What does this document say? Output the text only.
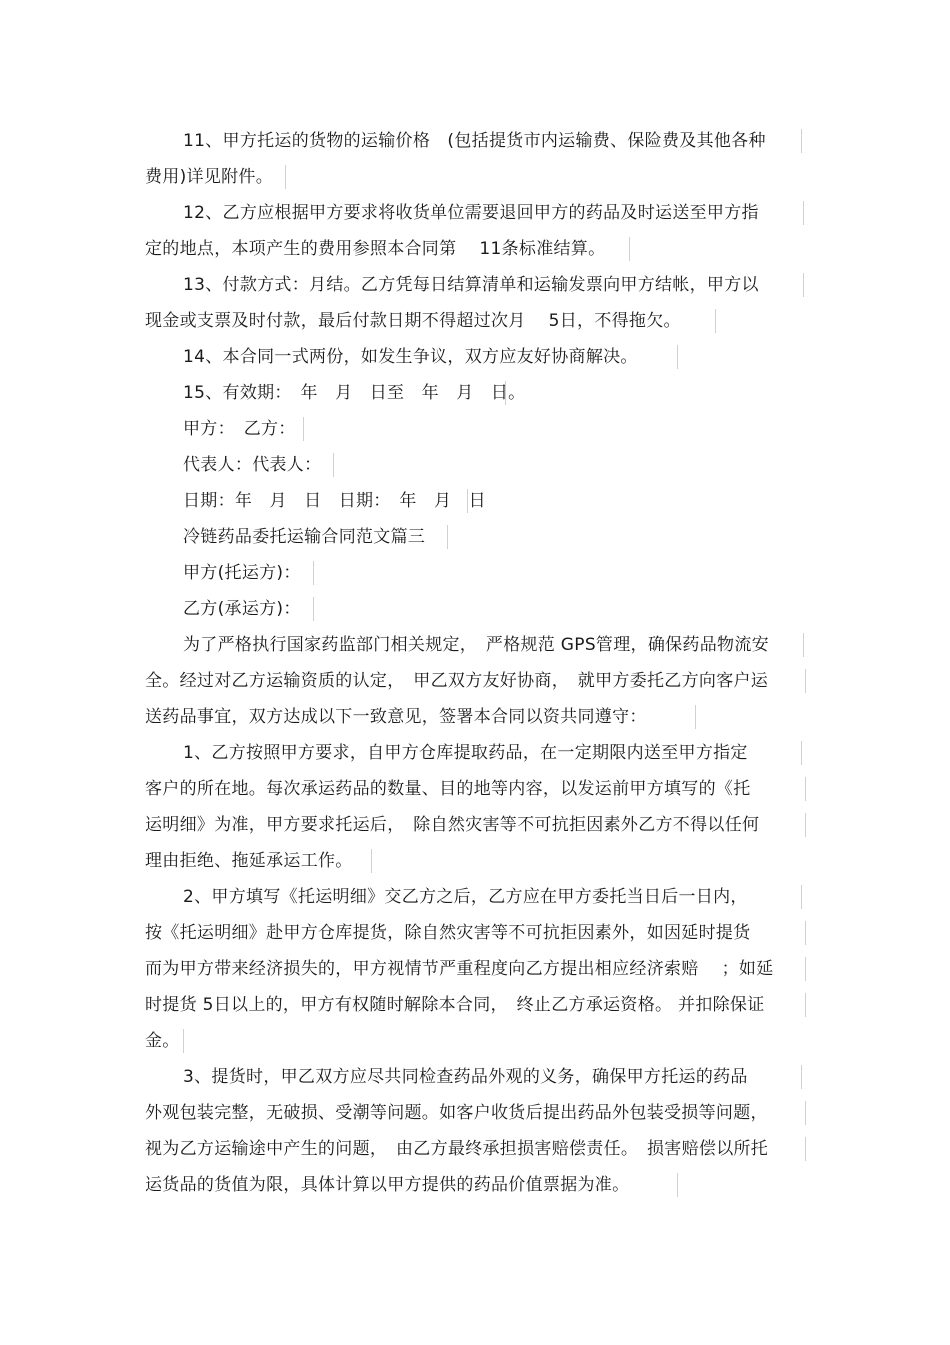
11、甲方托运的货物的运输价格　(包括提货市内运输费、保险费及其他各种
费用)详见附件。
12、乙方应根据甲方要求将收货单位需要退回甲方的药品及时运送至甲方指
定的地点，本项产生的费用参照本合同第　 11条标准结算。
13、付款方式：月结。乙方凭每日结算清单和运输发票向甲方结帐，甲方以
现金或支票及时付款，最后付款日期不得超过次月　 5日，不得拖欠。
14、本合同一式两份，如发生争议，双方应友好协商解决。
15、有效期：　年　月　日至　年　月　日。
甲方：　乙方：
代表人：代表人：
日期：年　月　日　日期：　年　月　日
冷链药品委托运输合同范文篇三
甲方(托运方)：
乙方(承运方)：
为了严格执行国家药监部门相关规定，　严格规范 GPS管理，确保药品物流安
全。经过对乙方运输资质的认定，　甲乙双方友好协商，　就甲方委托乙方向客户运
送药品事宜，双方达成以下一致意见，签署本合同以资共同遵守：
1、乙方按照甲方要求，自甲方仓库提取药品，在一定期限内送至甲方指定
客户的所在地。每次承运药品的数量、目的地等内容，以发运前甲方填写的《托
运明细》为准，甲方要求托运后，　除自然灾害等不可抗拒因素外乙方不得以任何
理由拒绝、拖延承运工作。
2、甲方填写《托运明细》交乙方之后，乙方应在甲方委托当日后一日内，
按《托运明细》赴甲方仓库提货，除自然灾害等不可抗拒因素外，如因延时提货
而为甲方带来经济损失的，甲方视情节严重程度向乙方提出相应经济索赔　 ；如延
时提货 5日以上的，甲方有权随时解除本合同，　终止乙方承运资格。 并扣除保证
金。
3、提货时，甲乙双方应尽共同检查药品外观的义务，确保甲方托运的药品
外观包装完整，无破损、受潮等问题。如客户收货后提出药品外包装受损等问题，
视为乙方运输途中产生的问题，　由乙方最终承担损害赔偿责任。　损害赔偿以所托
运货品的货值为限，具体计算以甲方提供的药品价值票据为准。
